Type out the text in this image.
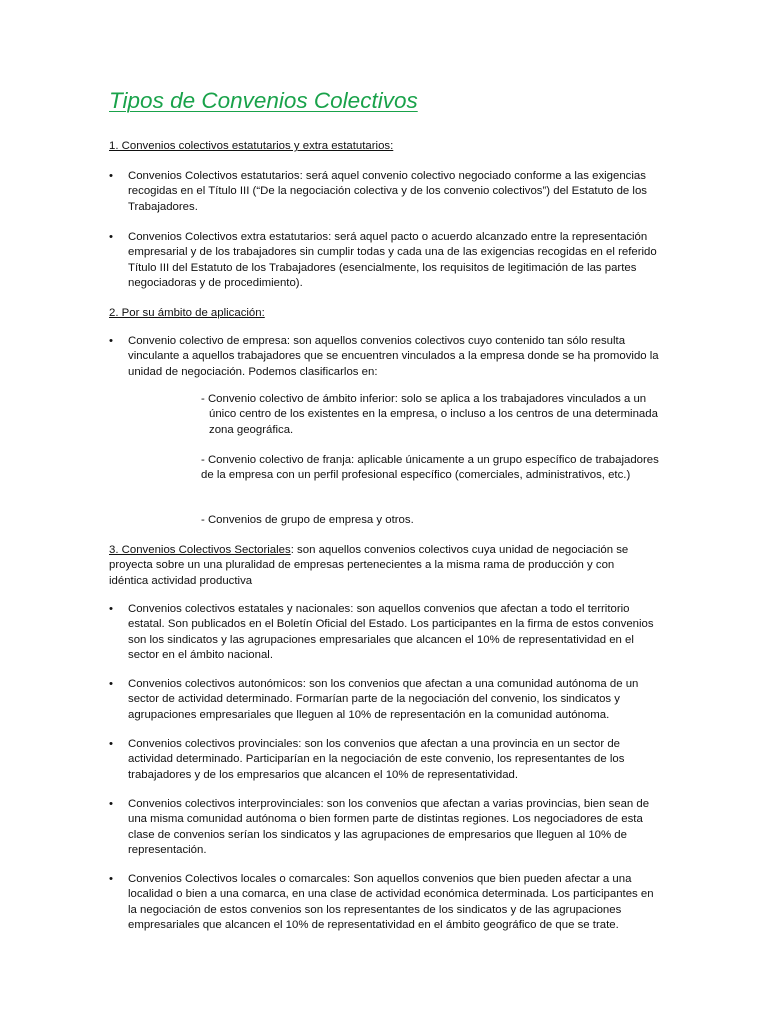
Tipos de Convenios Colectivos
1. Convenios colectivos estatutarios y extra estatutarios:
• Convenios Colectivos estatutarios: será aquel convenio colectivo negociado conforme a las exigencias recogidas en el Título III (“De la negociación colectiva y de los convenio colectivos”) del Estatuto de los Trabajadores.
• Convenios Colectivos extra estatutarios: será aquel pacto o acuerdo alcanzado entre la representación empresarial y de los trabajadores sin cumplir todas y cada una de las exigencias recogidas en el referido Título III del Estatuto de los Trabajadores (esencialmente, los requisitos de legitimación de las partes negociadoras y de procedimiento).
2. Por su ámbito de aplicación:
• Convenio colectivo de empresa: son aquellos convenios colectivos cuyo contenido tan sólo resulta vinculante a aquellos trabajadores que se encuentren vinculados a la empresa donde se ha promovido la unidad de negociación. Podemos clasificarlos en:
- Convenio colectivo de ámbito inferior: solo se aplica a los trabajadores vinculados a un único centro de los existentes en la empresa, o incluso a los centros de una determinada zona geográfica.
- Convenio colectivo de franja: aplicable únicamente a un grupo específico de trabajadores de la empresa con un perfil profesional específico (comerciales, administrativos, etc.)
- Convenios de grupo de empresa y otros.
3. Convenios Colectivos Sectoriales: son aquellos convenios colectivos cuya unidad de negociación se proyecta sobre un una pluralidad de empresas pertenecientes a la misma rama de producción y con idéntica actividad productiva
• Convenios colectivos estatales y nacionales: son aquellos convenios que afectan a todo el territorio estatal. Son publicados en el Boletín Oficial del Estado. Los participantes en la firma de estos convenios son los sindicatos y las agrupaciones empresariales que alcancen el 10% de representatividad en el sector en el ámbito nacional.
• Convenios colectivos autonómicos: son los convenios que afectan a una comunidad autónoma de un sector de actividad determinado. Formarían parte de la negociación del convenio, los sindicatos y agrupaciones empresariales que lleguen al 10% de representación en la comunidad autónoma.
• Convenios colectivos provinciales: son los convenios que afectan a una provincia en un sector de actividad determinado. Participarían en la negociación de este convenio, los representantes de los trabajadores y de los empresarios que alcancen el 10% de representatividad.
• Convenios colectivos interprovinciales: son los convenios que afectan a varias provincias, bien sean de una misma comunidad autónoma o bien formen parte de distintas regiones. Los negociadores de esta clase de convenios serían los sindicatos y las agrupaciones de empresarios que lleguen al 10% de representación.
• Convenios Colectivos locales o comarcales: Son aquellos convenios que bien pueden afectar a una localidad o bien a una comarca, en una clase de actividad económica determinada. Los participantes en la negociación de estos convenios son los representantes de los sindicatos y de las agrupaciones empresariales que alcancen el 10% de representatividad en el ámbito geográfico de que se trate.
